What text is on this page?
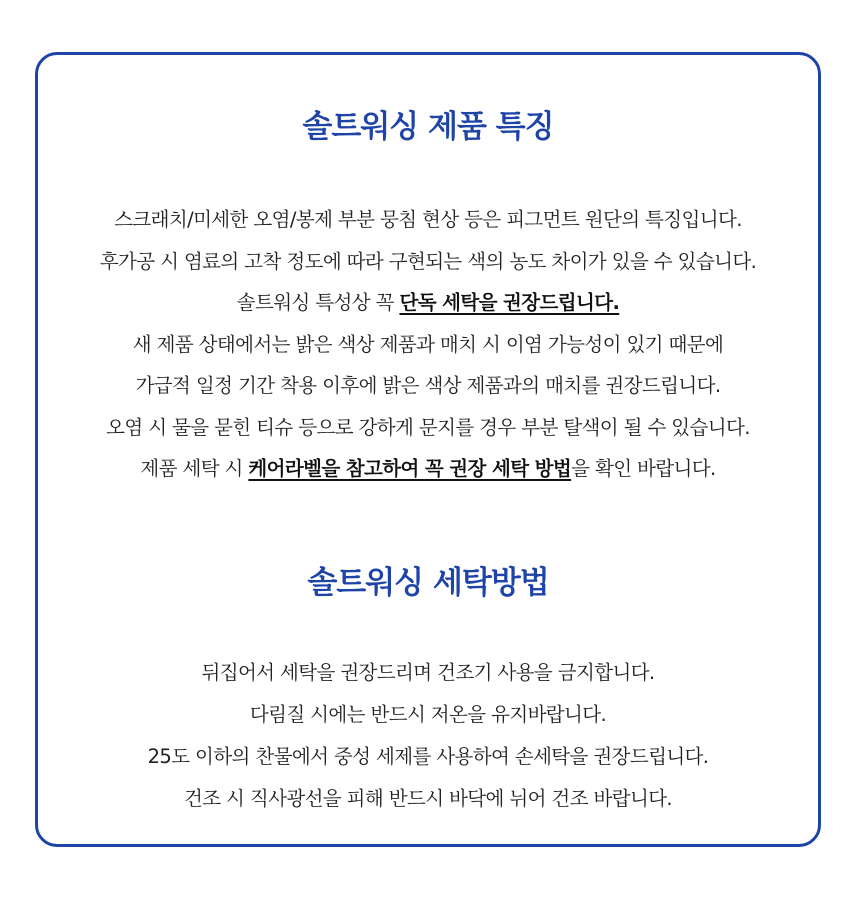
솔트워싱 제품 특징
스크래치/미세한 오염/봉제 부분 뭉침 현상 등은 피그먼트 원단의 특징입니다.
후가공 시 염료의 고착 정도에 따라 구현되는 색의 농도 차이가 있을 수 있습니다.
솔트워싱 특성상 꼭 단독 세탁을 권장드립니다.
새 제품 상태에서는 밝은 색상 제품과 매치 시 이염 가능성이 있기 때문에
가급적 일정 기간 착용 이후에 밝은 색상 제품과의 매치를 권장드립니다.
오염 시 물을 묻힌 티슈 등으로 강하게 문지를 경우 부분 탈색이 될 수 있습니다.
제품 세탁 시 케어라벨을 참고하여 꼭 권장 세탁 방법을 확인 바랍니다.
솔트워싱 세탁방법
뒤집어서 세탁을 권장드리며 건조기 사용을 금지합니다.
다림질 시에는 반드시 저온을 유지바랍니다.
25도 이하의 찬물에서 중성 세제를 사용하여 손세탁을 권장드립니다.
건조 시 직사광선을 피해 반드시 바닥에 뉘어 건조 바랍니다.
